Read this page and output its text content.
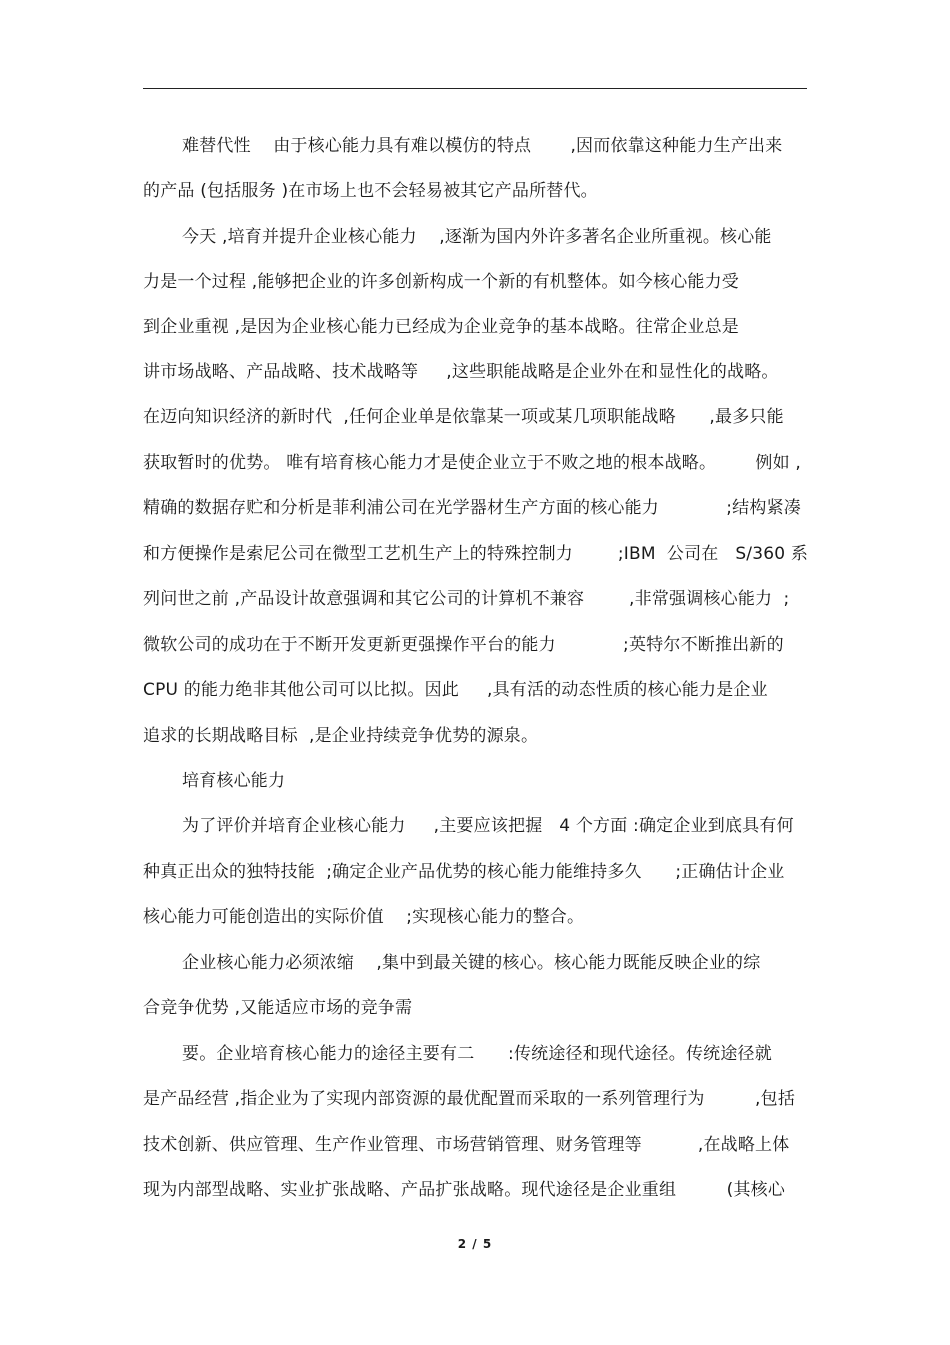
难替代性    由于核心能力具有难以模仿的特点       ,因而依靠这种能力生产出来
的产品 (包括服务 )在市场上也不会轻易被其它产品所替代。
今天 ,培育并提升企业核心能力    ,逐渐为国内外许多著名企业所重视。核心能
力是一个过程 ,能够把企业的许多创新构成一个新的有机整体。如今核心能力受
到企业重视 ,是因为企业核心能力已经成为企业竞争的基本战略。往常企业总是
讲市场战略、产品战略、技术战略等     ,这些职能战略是企业外在和显性化的战略。
在迈向知识经济的新时代  ,任何企业单是依靠某一项或某几项职能战略      ,最多只能
获取暂时的优势。 唯有培育核心能力才是使企业立于不败之地的根本战略。       例如 ,
精确的数据存贮和分析是菲利浦公司在光学器材生产方面的核心能力            ;结构紧凑
和方便操作是索尼公司在微型工艺机生产上的特殊控制力        ;IBM  公司在   S/360 系
列问世之前 ,产品设计故意强调和其它公司的计算机不兼容        ,非常强调核心能力  ;
微软公司的成功在于不断开发更新更强操作平台的能力            ;英特尔不断推出新的
CPU 的能力绝非其他公司可以比拟。因此     ,具有活的动态性质的核心能力是企业
追求的长期战略目标  ,是企业持续竞争优势的源泉。
培育核心能力
为了评价并培育企业核心能力     ,主要应该把握   4 个方面 :确定企业到底具有何
种真正出众的独特技能  ;确定企业产品优势的核心能力能维持多久      ;正确估计企业
核心能力可能创造出的实际价值    ;实现核心能力的整合。
企业核心能力必须浓缩    ,集中到最关键的核心。核心能力既能反映企业的综
合竞争优势 ,又能适应市场的竞争需
要。企业培育核心能力的途径主要有二      :传统途径和现代途径。传统途径就
是产品经营 ,指企业为了实现内部资源的最优配置而采取的一系列管理行为         ,包括
技术创新、供应管理、生产作业管理、市场营销管理、财务管理等          ,在战略上体
现为内部型战略、实业扩张战略、产品扩张战略。现代途径是企业重组         (其核心
2 / 5
